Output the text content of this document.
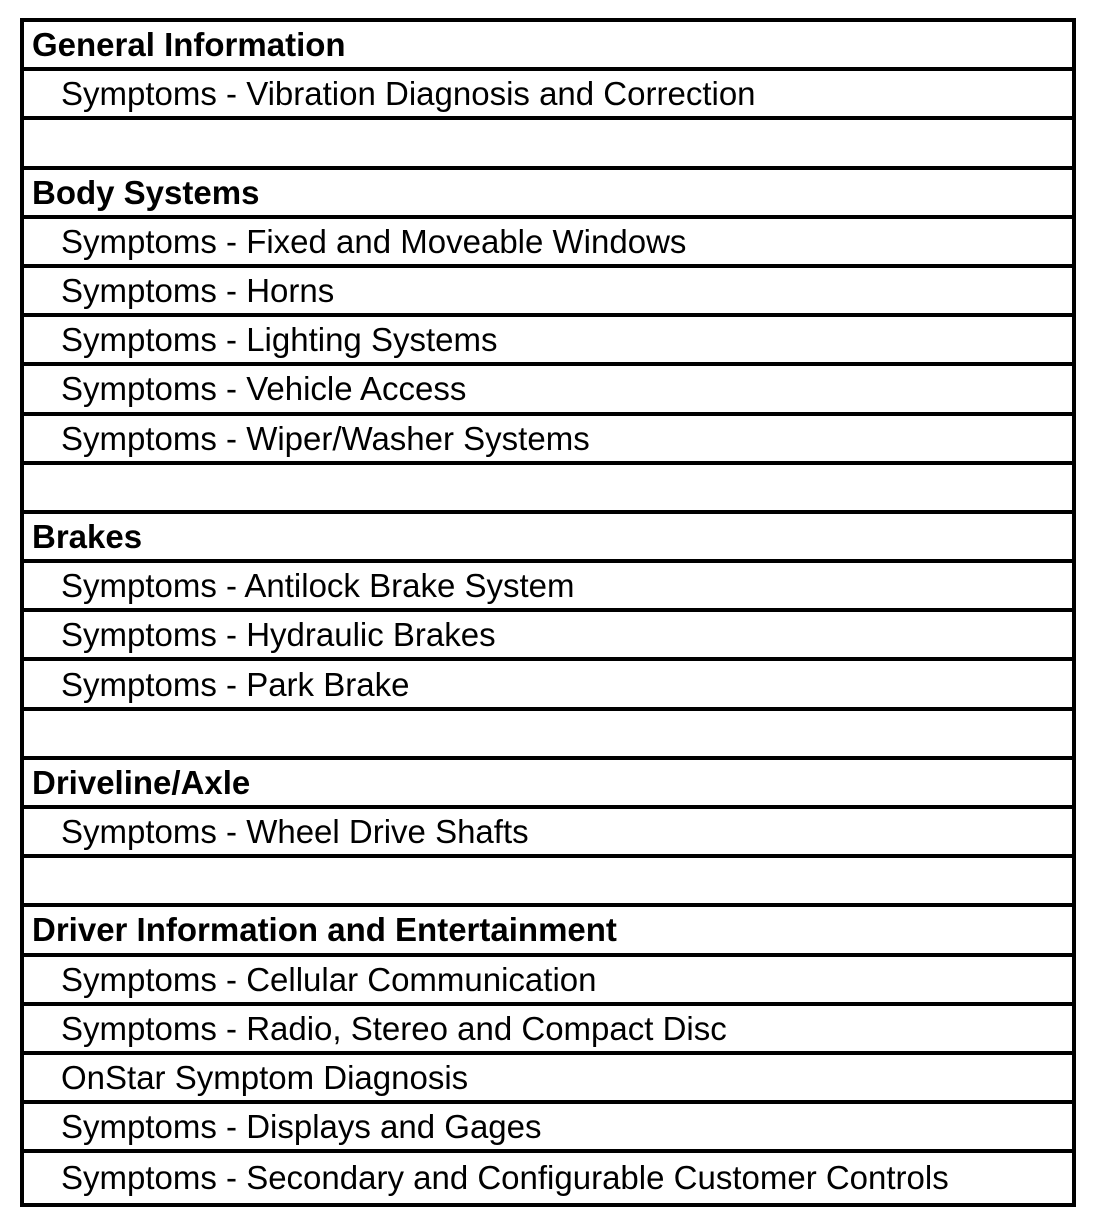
General Information
Symptoms - Vibration Diagnosis and Correction
Body Systems
Symptoms - Fixed and Moveable Windows
Symptoms - Horns
Symptoms - Lighting Systems
Symptoms - Vehicle Access
Symptoms - Wiper/Washer Systems
Brakes
Symptoms - Antilock Brake System
Symptoms - Hydraulic Brakes
Symptoms - Park Brake
Driveline/Axle
Symptoms - Wheel Drive Shafts
Driver Information and Entertainment
Symptoms - Cellular Communication
Symptoms - Radio, Stereo and Compact Disc
OnStar Symptom Diagnosis
Symptoms - Displays and Gages
Symptoms - Secondary and Configurable Customer Controls
